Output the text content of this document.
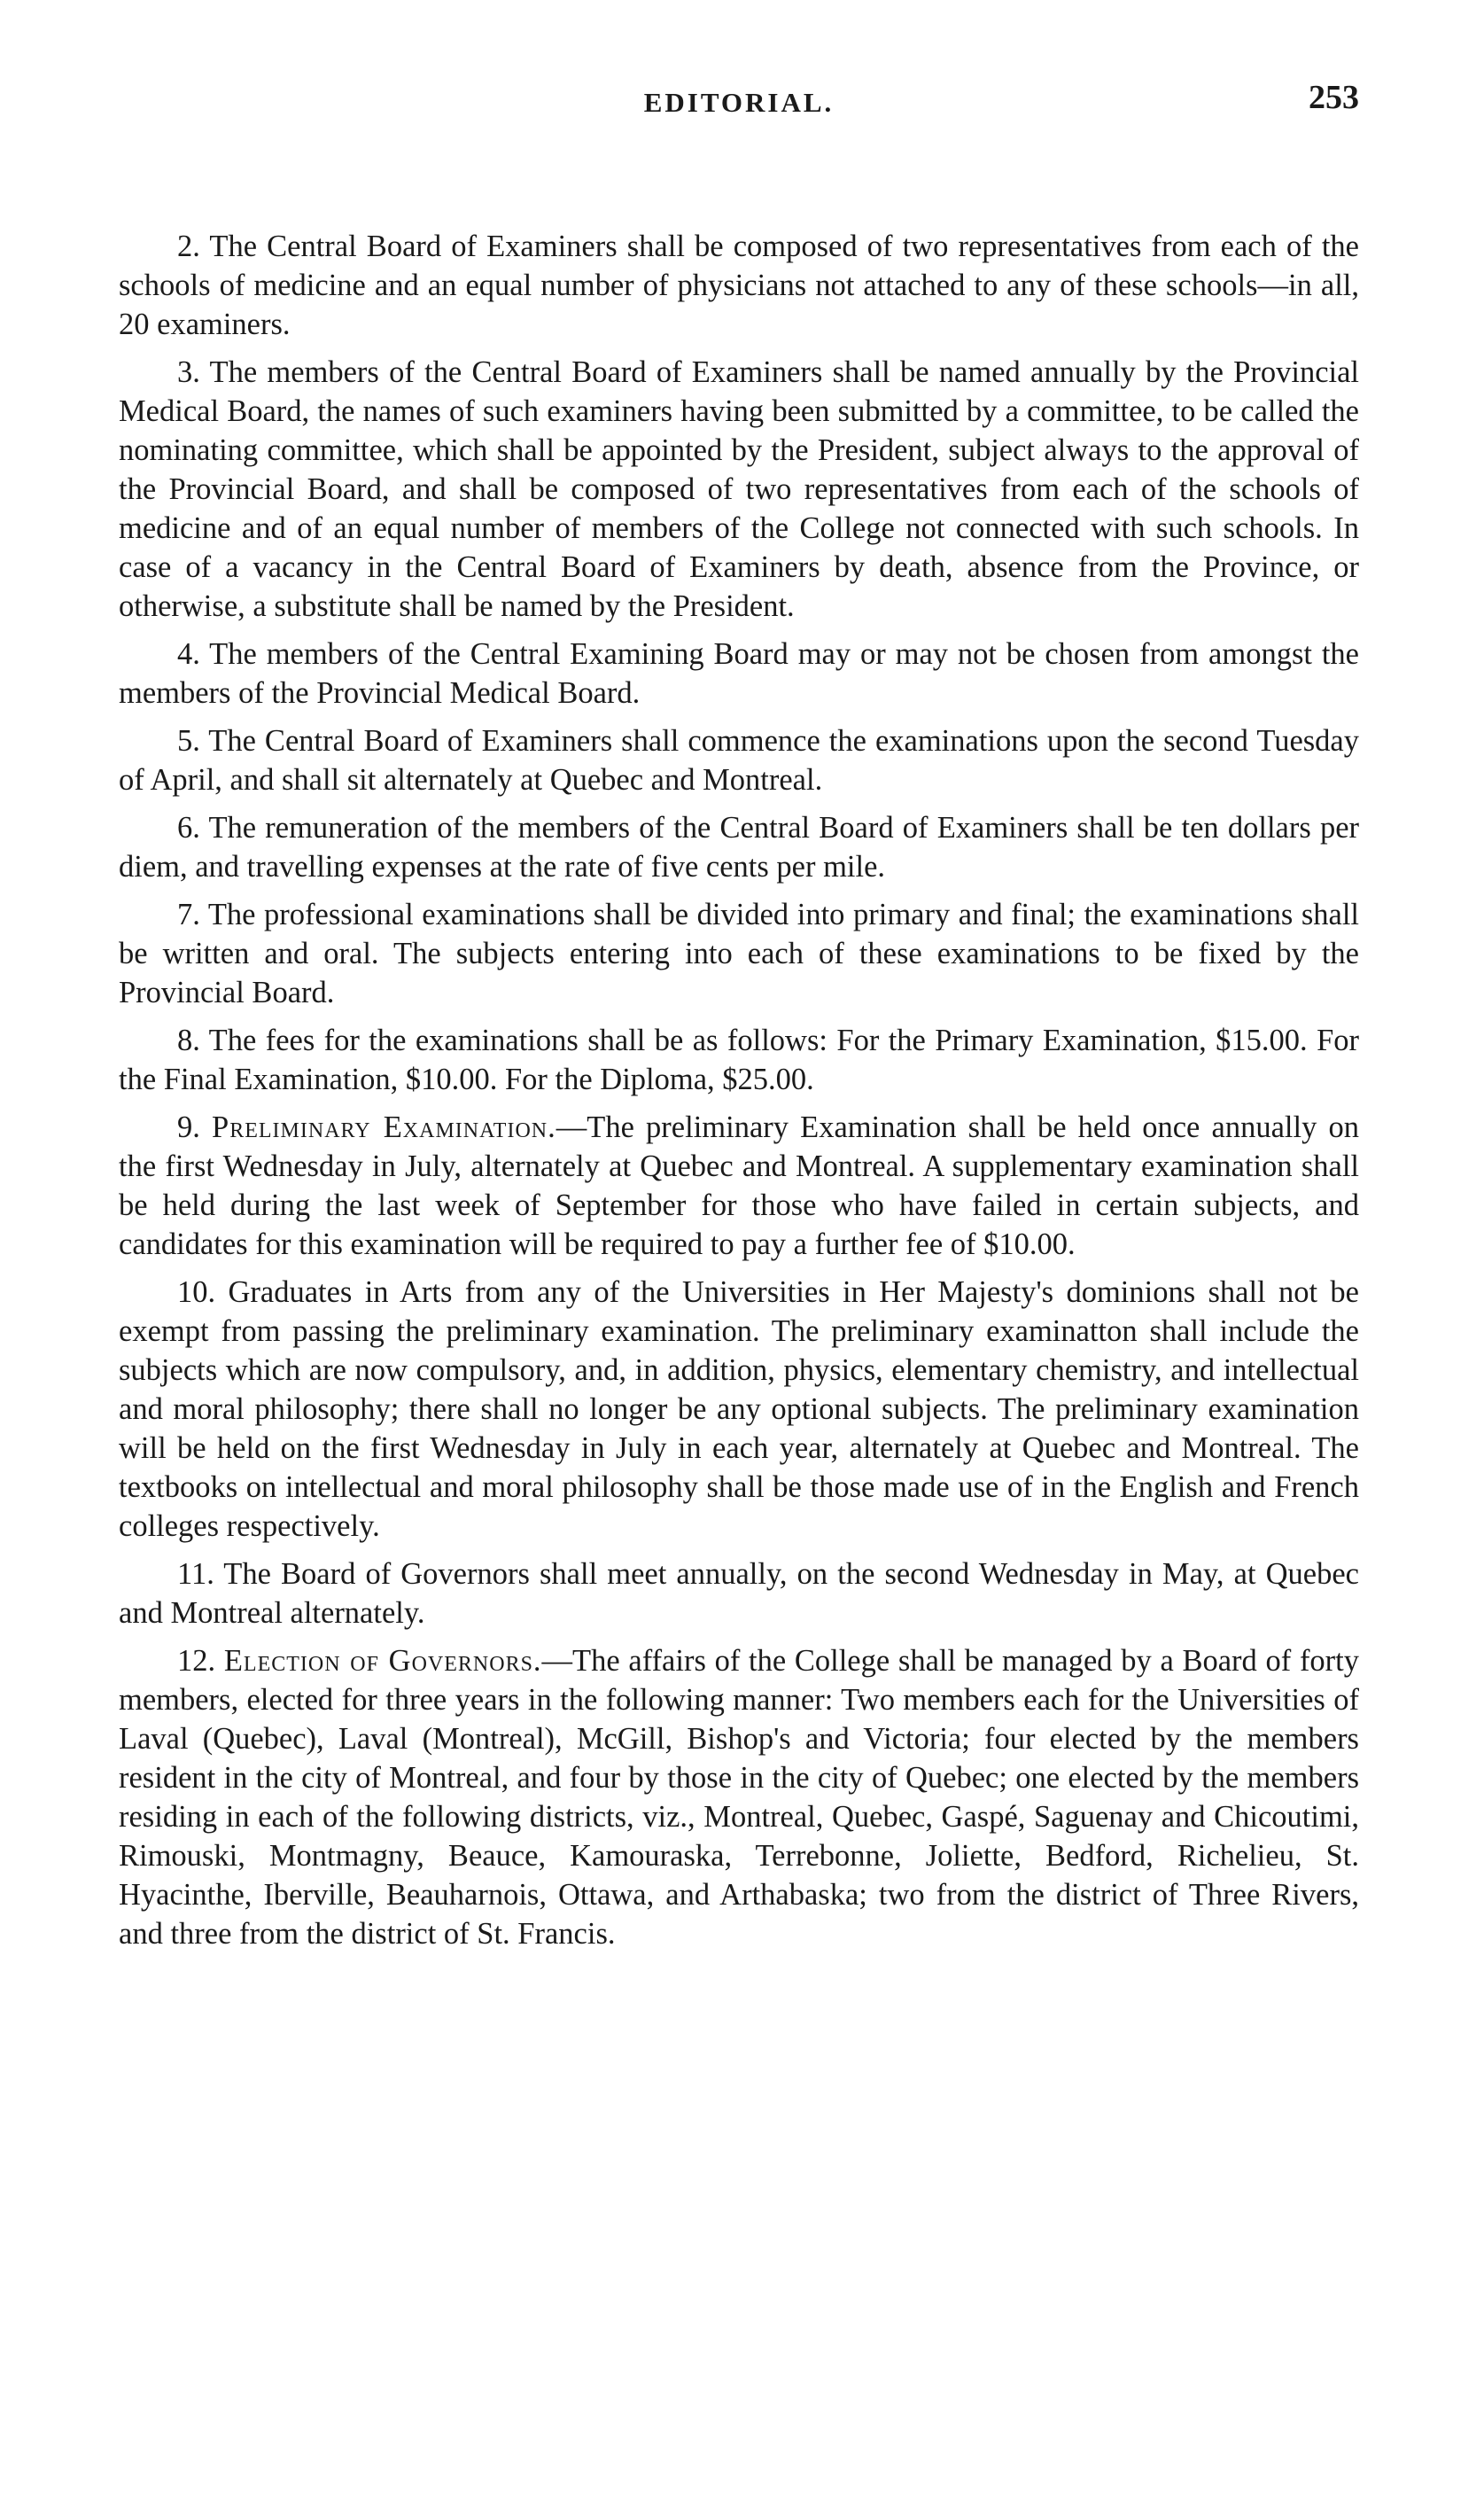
EDITORIAL.	253

2. The Central Board of Examiners shall be composed of two representatives from each of the schools of medicine and an equal number of physicians not attached to any of these schools—in all, 20 examiners.

3. The members of the Central Board of Examiners shall be named annually by the Provincial Medical Board, the names of such examiners having been submitted by a committee, to be called the nominating committee, which shall be appointed by the President, subject always to the approval of the Provincial Board, and shall be composed of two representatives from each of the schools of medicine and of an equal number of members of the College not connected with such schools. In case of a vacancy in the Central Board of Examiners by death, absence from the Province, or otherwise, a substitute shall be named by the President.

4. The members of the Central Examining Board may or may not be chosen from amongst the members of the Provincial Medical Board.

5. The Central Board of Examiners shall commence the examinations upon the second Tuesday of April, and shall sit alternately at Quebec and Montreal.

6. The remuneration of the members of the Central Board of Examiners shall be ten dollars per diem, and travelling expenses at the rate of five cents per mile.

7. The professional examinations shall be divided into primary and final; the examinations shall be written and oral. The subjects entering into each of these examinations to be fixed by the Provincial Board.

8. The fees for the examinations shall be as follows: For the Primary Examination, $15.00. For the Final Examination, $10.00. For the Diploma, $25.00.

9. Preliminary Examination.—The preliminary Examination shall be held once annually on the first Wednesday in July, alternately at Quebec and Montreal. A supplementary examination shall be held during the last week of September for those who have failed in certain subjects, and candidates for this examination will be required to pay a further fee of $10.00.

10. Graduates in Arts from any of the Universities in Her Majesty's dominions shall not be exempt from passing the preliminary examination. The preliminary examinatton shall include the subjects which are now compulsory, and, in addition, physics, elementary chemistry, and intellectual and moral philosophy; there shall no longer be any optional subjects. The preliminary examination will be held on the first Wednesday in July in each year, alternately at Quebec and Montreal. The textbooks on intellectual and moral philosophy shall be those made use of in the English and French colleges respectively.

11. The Board of Governors shall meet annually, on the second Wednesday in May, at Quebec and Montreal alternately.

12. Election of Governors.—The affairs of the College shall be managed by a Board of forty members, elected for three years in the following manner: Two members each for the Universities of Laval (Quebec), Laval (Montreal), McGill, Bishop's and Victoria; four elected by the members resident in the city of Montreal, and four by those in the city of Quebec; one elected by the members residing in each of the following districts, viz., Montreal, Quebec, Gaspé, Saguenay and Chicoutimi, Rimouski, Montmagny, Beauce, Kamouraska, Terrebonne, Joliette, Bedford, Richelieu, St. Hyacinthe, Iberville, Beauharnois, Ottawa, and Arthabaska; two from the district of Three Rivers, and three from the district of St. Francis.
